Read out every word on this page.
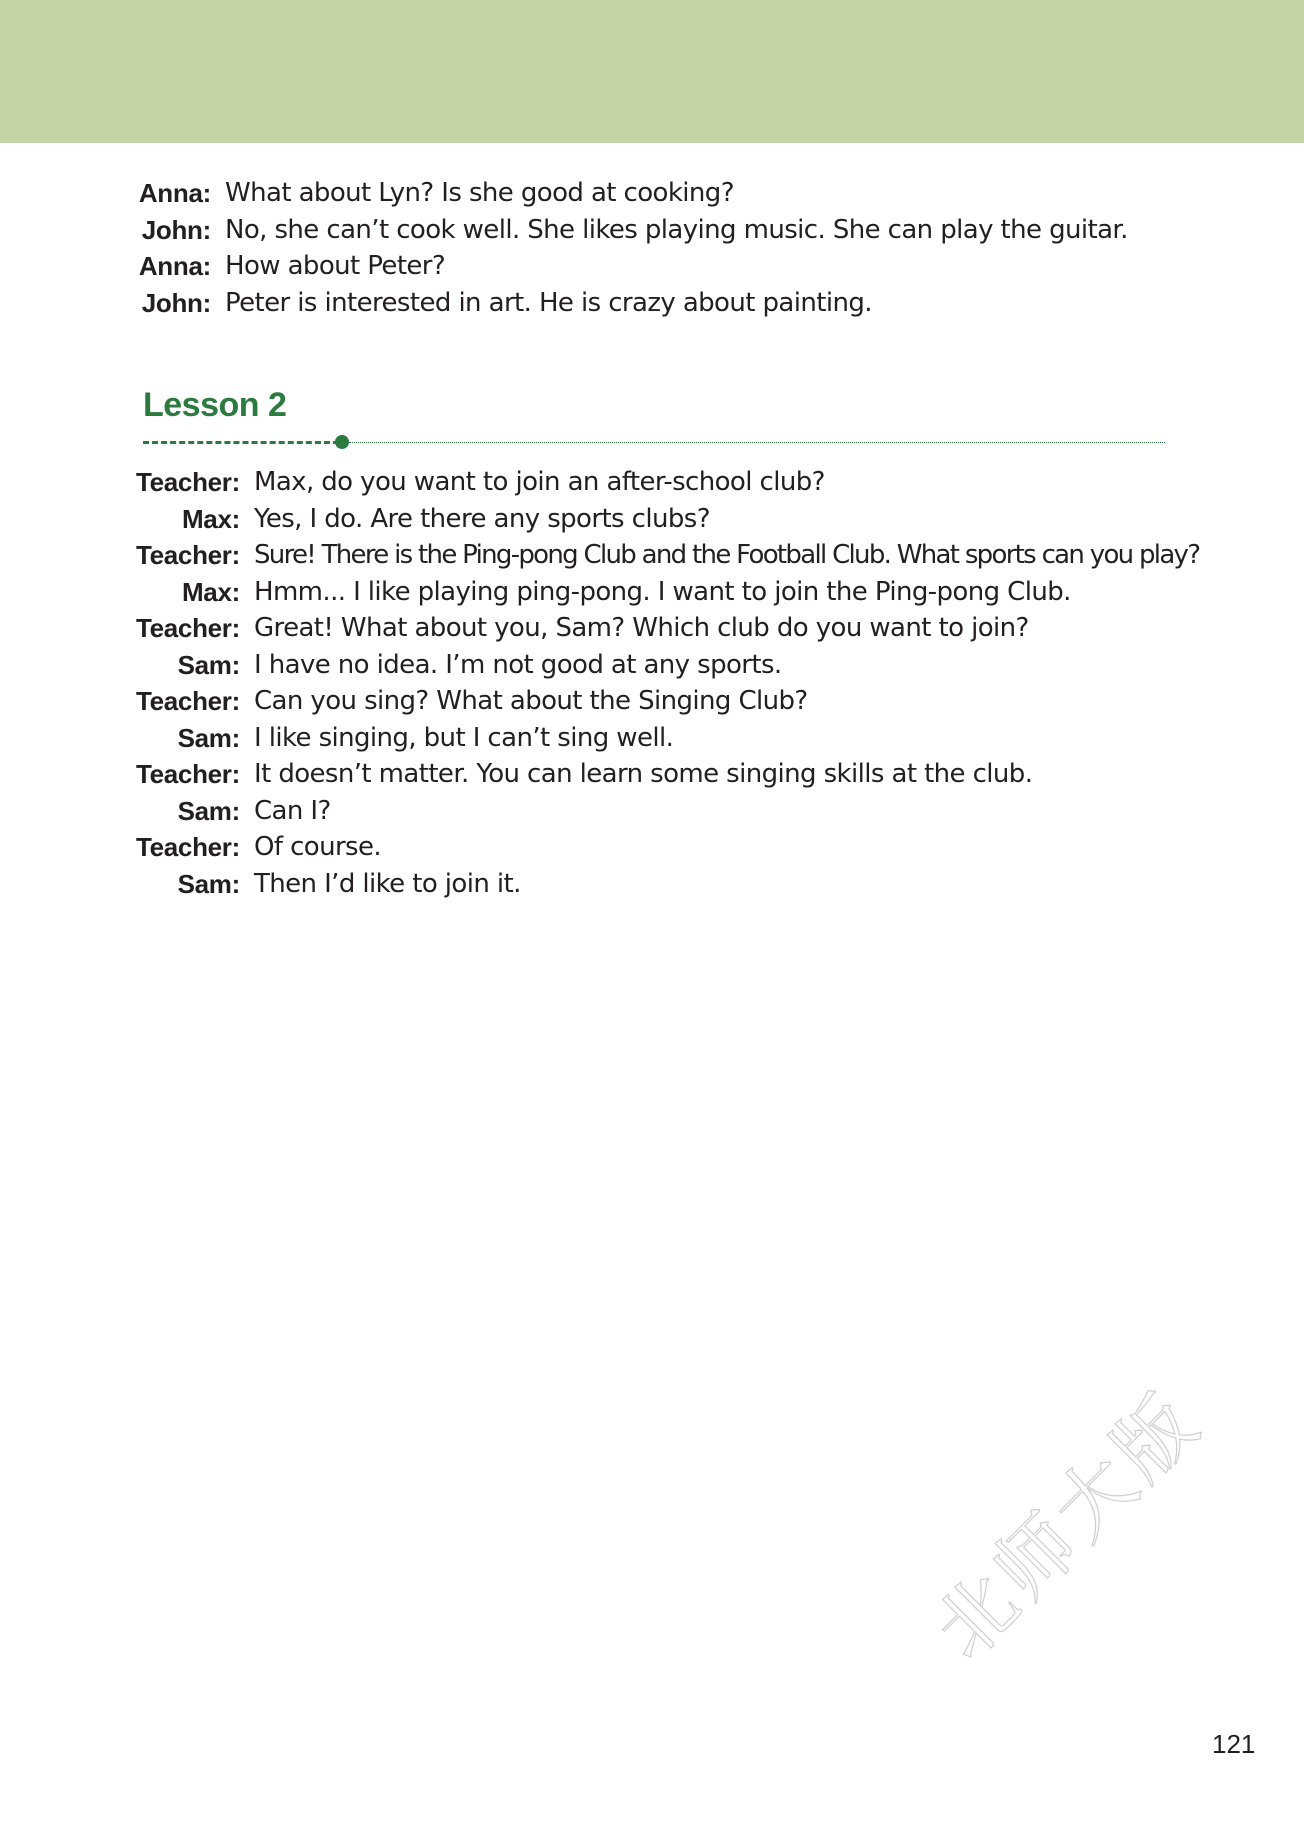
Anna: What about Lyn? Is she good at cooking?
John: No, she can’t cook well. She likes playing music. She can play the guitar.
Anna: How about Peter?
John: Peter is interested in art. He is crazy about painting.
Lesson 2
Teacher: Max, do you want to join an after-school club?
Max: Yes, I do. Are there any sports clubs?
Teacher: Sure! There is the Ping-pong Club and the Football Club. What sports can you play?
Max: Hmm... I like playing ping-pong. I want to join the Ping-pong Club.
Teacher: Great! What about you, Sam? Which club do you want to join?
Sam: I have no idea. I’m not good at any sports.
Teacher: Can you sing? What about the Singing Club?
Sam: I like singing, but I can’t sing well.
Teacher: It doesn’t matter. You can learn some singing skills at the club.
Sam: Can I?
Teacher: Of course.
Sam: Then I’d like to join it.
北师大版
121
